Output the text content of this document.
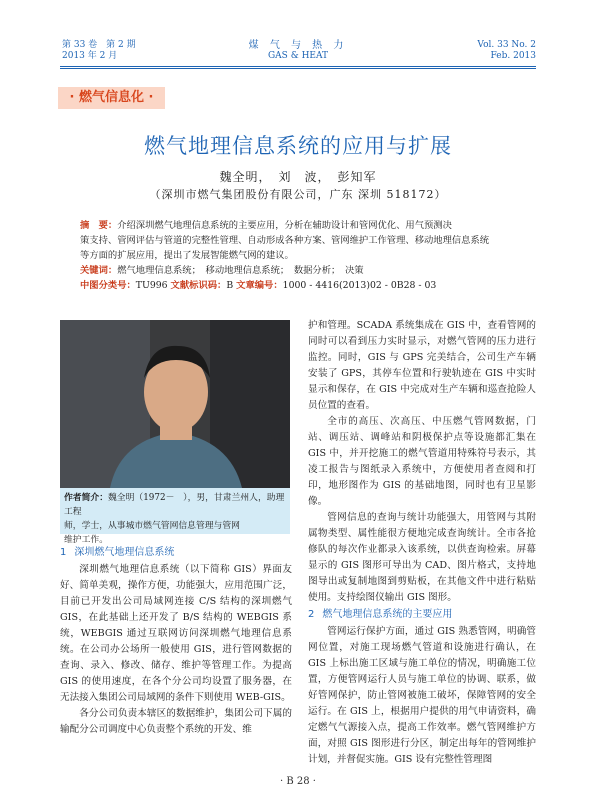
第 33 卷　第 2 期
2013 年 2 月
煤 气 与 热 力
GAS & HEAT
Vol. 33 No. 2
Feb. 2013
· 燃气信息化 ·
燃气地理信息系统的应用与扩展
魏全明，　刘　波，　彭知军
（深圳市燃气集团股份有限公司，广东 深圳 518172）
摘　要：介绍深圳燃气地理信息系统的主要应用，分析在辅助设计和管网优化、用气预测决
策支持、管网评估与管道的完整性管理、自动形成各种方案、管网维护工作管理、移动地理信息系统
等方面的扩展应用，提出了发展智能燃气网的建议。
关键词：燃气地理信息系统；　移动地理信息系统；　数据分析；　决策
中图分类号：TU996 文献标识码：B 文章编号：1000 - 4416(2013)02 - 0B28 - 03
作者简介：魏全明（1972－　），男，甘肃兰州人，助理工程
师，学士，从事城市燃气管网信息管理与管网
维护工作。
1 深圳燃气地理信息系统

深圳燃气地理信息系统（以下简称 GIS）界面友好、简单美观，操作方便，功能强大，应用范围广泛，目前已开发出公司局域网连接 C/S 结构的深圳燃气 GIS，在此基础上还开发了 B/S 结构的 WEBGIS 系统，WEBGIS 通过互联网访问深圳燃气地理信息系统。在公司办公场所一般使用 GIS，进行管网数据的查询、录入、修改、储存、维护等管理工作。为提高 GIS 的使用速度，在各个分公司均设置了服务器，在无法接入集团公司局域网的条件下则使用 WEB-GIS。

各分公司负责本辖区的数据维护，集团公司下属的输配分公司调度中心负责整个系统的开发、维

护和管理。SCADA 系统集成在 GIS 中，查看管网的同时可以看到压力实时显示，对燃气管网的压力进行监控。同时，GIS 与 GPS 完美结合，公司生产车辆安装了 GPS，其停车位置和行驶轨迹在 GIS 中实时显示和保存，在 GIS 中完成对生产车辆和巡查抢险人员位置的查看。

全市的高压、次高压、中压燃气管网数据，门站、调压站、调峰站和阴极保护点等设施都汇集在 GIS 中，并开挖施工的燃气管道用特殊符号表示，其凌工报告与图纸录入系统中，方便使用者查阅和打印，地形图作为 GIS 的基础地图，同时也有卫星影像。

管网信息的查询与统计功能强大，用管网与其附属物类型、属性能很方便地完成查询统计。全市各抢修队的每次作业都录入该系统，以供查询检索。屏幕显示的 GIS 图形可导出为 CAD、图片格式，支持地图导出或复制地图到剪贴板，在其他文件中进行粘贴使用。支持绘图仪输出 GIS 图形。

2 燃气地理信息系统的主要应用

管网运行保护方面，通过 GIS 熟悉管网，明确管网位置，对施工现场燃气管道和设施进行确认，在 GIS 上标出施工区域与施工单位的情况，明确施工位置，方便管网运行人员与施工单位的协调、联系，做好管网保护，防止管网被施工破坏，保障管网的安全运行。在 GIS 上，根据用户提供的用气申请资料，确定燃气气源接入点，提高工作效率。燃气管网维护方面，对照 GIS 图形进行分区，制定出每年的管网维护计划，并督促实施。GIS 设有完整性管理图

· B 28 ·
